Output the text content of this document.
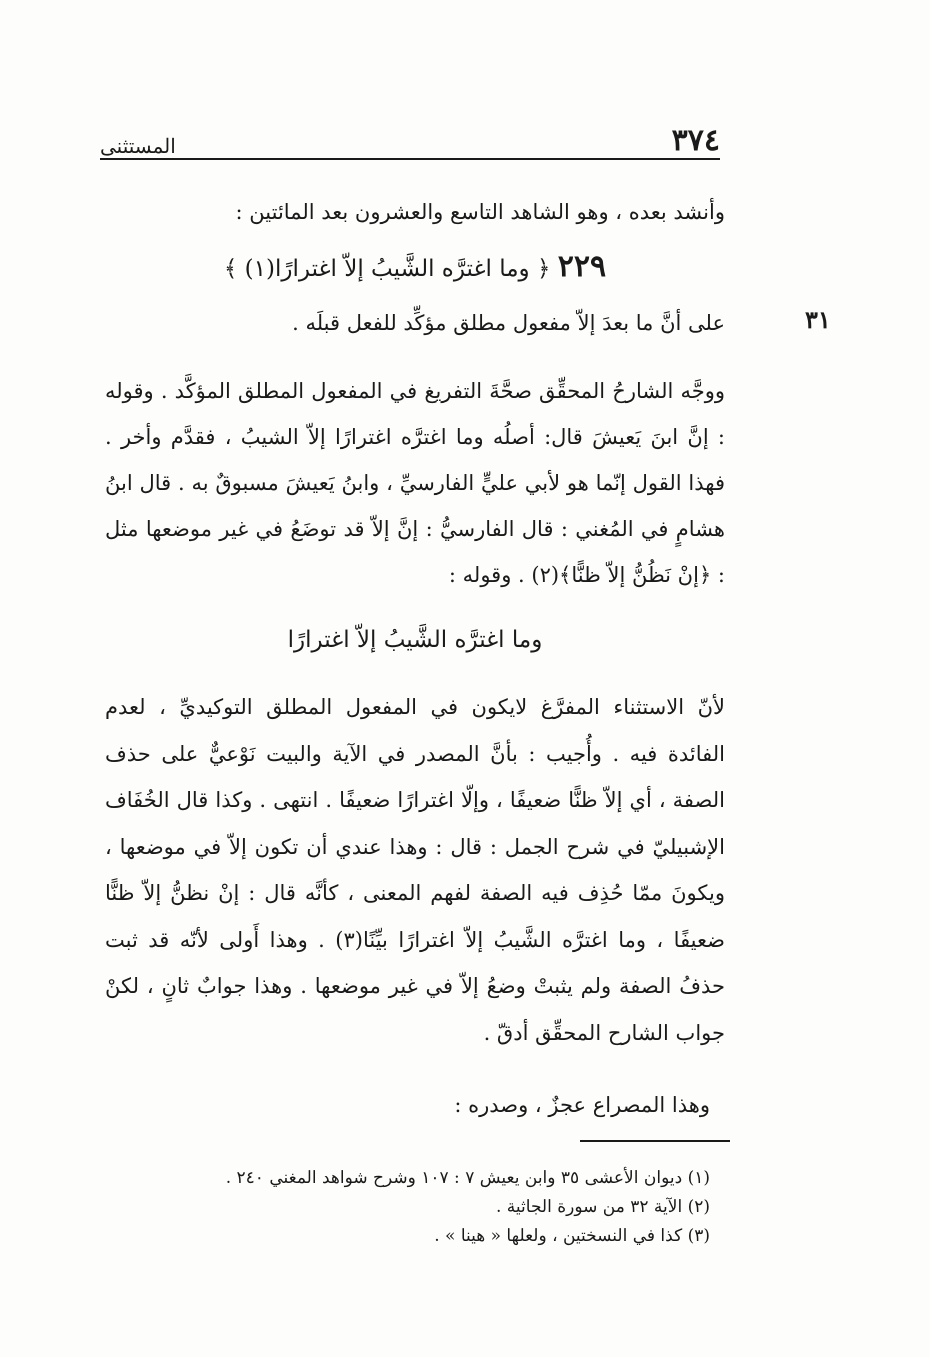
٣٧٤
المستثنى
٣١

وأنشد بعده ، وهو الشاهد التاسع والعشرون بعد المائتين :

٢٢٩ ﴿ وما اغترَّه الشَّيبُ إلاّ اغترارًا(١) ﴾

على أنَّ ما بعدَ إلاّ مفعول مطلق مؤكِّد للفعل قبلَه .

ووجَّه الشارحُ المحقِّق صحَّةَ التفريغ في المفعول المطلق المؤكَّد . وقوله : إنَّ ابنَ يَعيشَ قال: أصلُه وما اغترَّه اغترارًا إلاّ الشيبُ ، فقدَّم وأخر . فهذا القول إنّما هو لأبي عليٍّ الفارسيِّ ، وابنُ يَعيشَ مسبوقٌ به . قال ابنُ هشامٍ في المُغني : قال الفارسيُّ : إنَّ إلاّ قد توضَعُ في غير موضعها مثل : ﴿إنْ نَظُنُّ إلاّ ظنًّا﴾(٢) . وقوله :

وما اغترَّه الشَّيبُ إلاّ اغترارًا

لأنّ الاستثناء المفرَّغ لايكون في المفعول المطلق التوكيديِّ ، لعدم الفائدة فيه . وأُجيب : بأنَّ المصدر في الآية والبيت نَوْعيٌّ على حذف الصفة ، أي إلاّ ظنًّا ضعيفًا ، وإلّا اغترارًا ضعيفًا . انتهى . وكذا قال الخُفَاف الإشبيليّ في شرح الجمل : قال : وهذا عندي أن تكون إلاّ في موضعها ، ويكونَ ممّا حُذِف فيه الصفة لفهم المعنى ، كأنَّه قال : إنْ نظنُّ إلاّ ظنًّا ضعيفًا ، وما اغترَّه الشَّيبُ إلاّ اغترارًا بيِّنًا(٣) . وهذا أَولى لأنّه قد ثبت حذفُ الصفة ولم يثبتْ وضعُ إلاّ في غير موضعها . وهذا جوابٌ ثانٍ ، لكنْ جواب الشارح المحقِّق أدقّ .

وهذا المصراع عجزٌ ، وصدره :

(١) ديوان الأعشى ٣٥ وابن يعيش ٧ : ١٠٧ وشرح شواهد المغني ٢٤٠ .

(٢) الآية ٣٢ من سورة الجاثية .

(٣) كذا في النسختين ، ولعلها « هينا » .
